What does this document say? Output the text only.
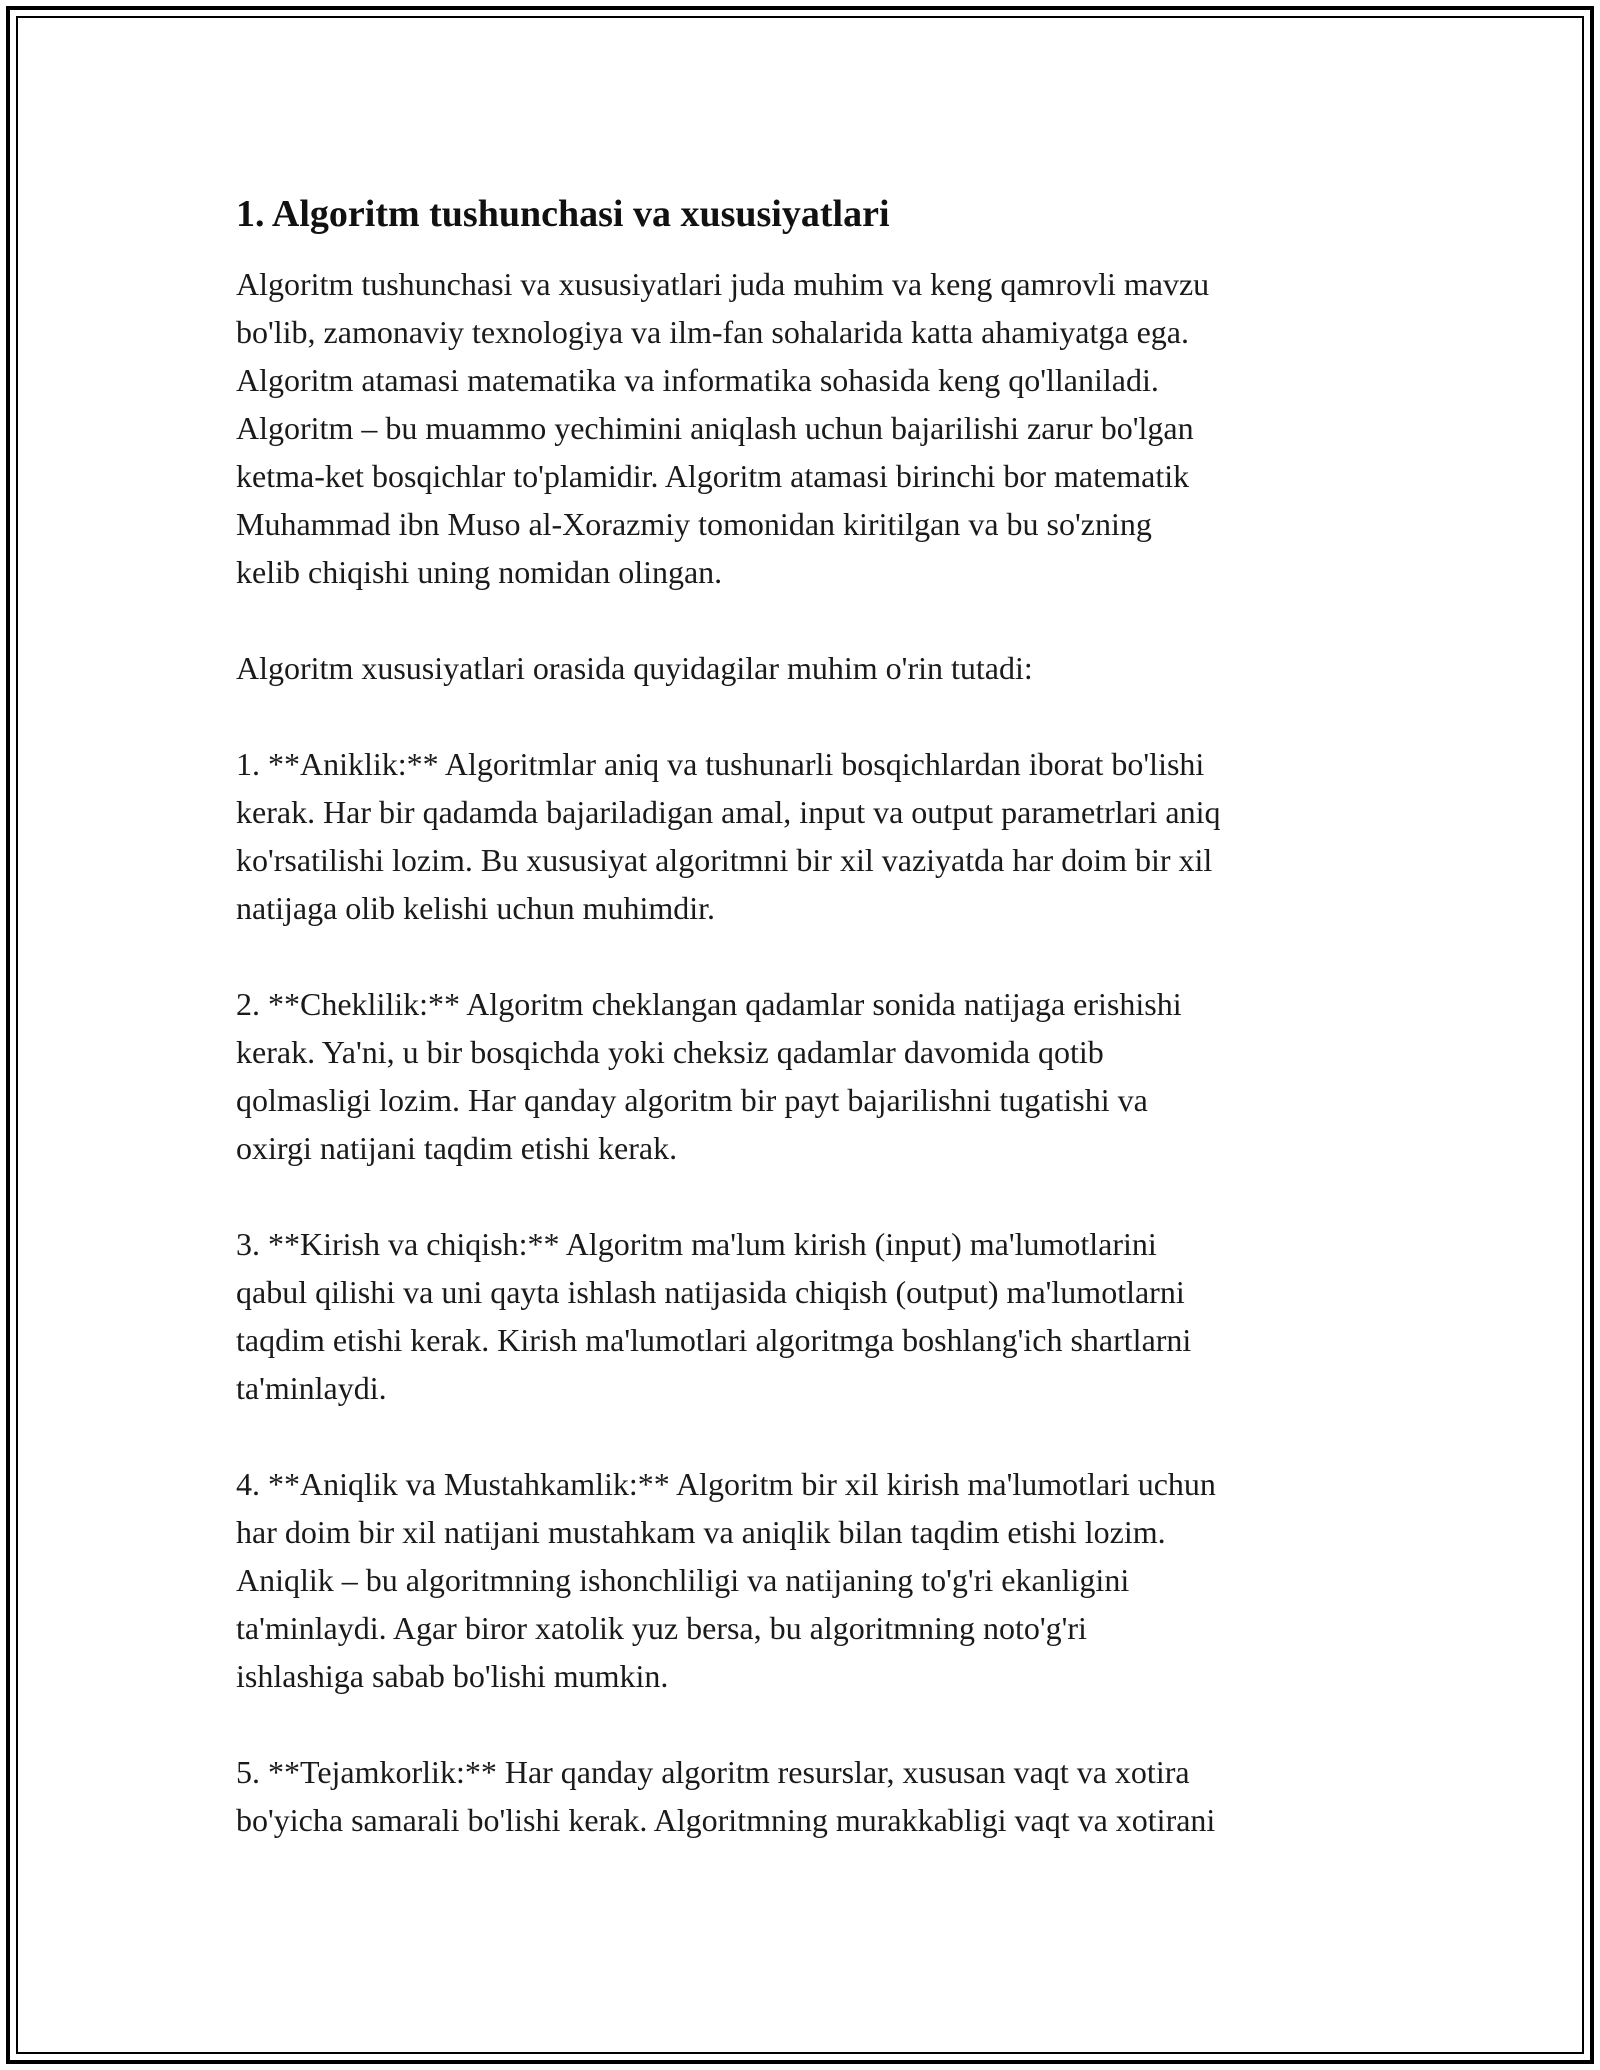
1. Algoritm tushunchasi va xususiyatlari

Algoritm tushunchasi va xususiyatlari juda muhim va keng qamrovli mavzu

bo'lib, zamonaviy texnologiya va ilm-fan sohalarida katta ahamiyatga ega.

Algoritm atamasi matematika va informatika sohasida keng qo'llaniladi.

Algoritm – bu muammo yechimini aniqlash uchun bajarilishi zarur bo'lgan

ketma-ket bosqichlar to'plamidir. Algoritm atamasi birinchi bor matematik

Muhammad ibn Muso al-Xorazmiy tomonidan kiritilgan va bu so'zning

kelib chiqishi uning nomidan olingan.

Algoritm xususiyatlari orasida quyidagilar muhim o'rin tutadi:

1. **Aniklik:** Algoritmlar aniq va tushunarli bosqichlardan iborat bo'lishi

kerak. Har bir qadamda bajariladigan amal, input va output parametrlari aniq

ko'rsatilishi lozim. Bu xususiyat algoritmni bir xil vaziyatda har doim bir xil

natijaga olib kelishi uchun muhimdir.

2. **Cheklilik:** Algoritm cheklangan qadamlar sonida natijaga erishishi

kerak. Ya'ni, u bir bosqichda yoki cheksiz qadamlar davomida qotib

qolmasligi lozim. Har qanday algoritm bir payt bajarilishni tugatishi va

oxirgi natijani taqdim etishi kerak.

3. **Kirish va chiqish:** Algoritm ma'lum kirish (input) ma'lumotlarini

qabul qilishi va uni qayta ishlash natijasida chiqish (output) ma'lumotlarni

taqdim etishi kerak. Kirish ma'lumotlari algoritmga boshlang'ich shartlarni

ta'minlaydi.

4. **Aniqlik va Mustahkamlik:** Algoritm bir xil kirish ma'lumotlari uchun

har doim bir xil natijani mustahkam va aniqlik bilan taqdim etishi lozim.

Aniqlik – bu algoritmning ishonchliligi va natijaning to'g'ri ekanligini

ta'minlaydi. Agar biror xatolik yuz bersa, bu algoritmning noto'g'ri

ishlashiga sabab bo'lishi mumkin.

5. **Tejamkorlik:** Har qanday algoritm resurslar, xususan vaqt va xotira

bo'yicha samarali bo'lishi kerak. Algoritmning murakkabligi vaqt va xotirani
